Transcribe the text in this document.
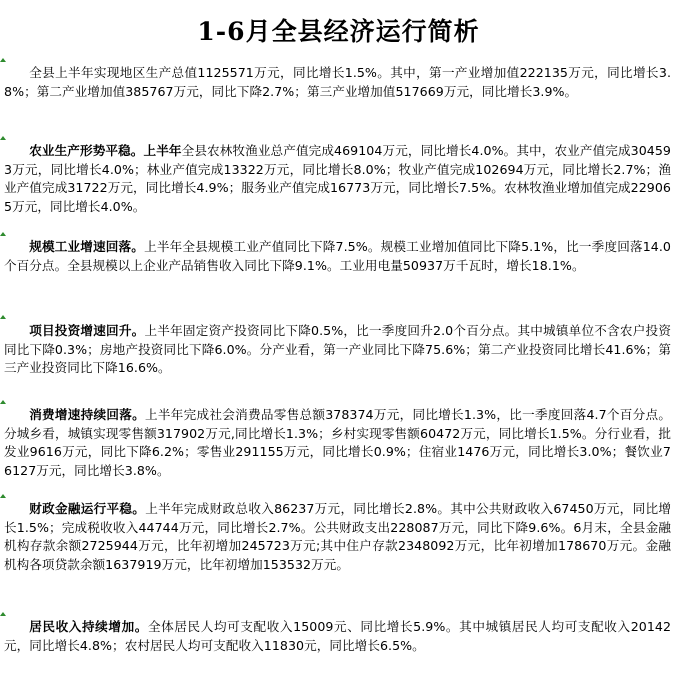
1-6月全县经济运行简析

全县上半年实现地区生产总值1125571万元，同比增长1.5%。其中，第一产业增加值222135万元，同比增长3.8%；第二产业增加值385767万元，同比下降2.7%；第三产业增加值517669万元，同比增长3.9%。

农业生产形势平稳。上半年全县农林牧渔业总产值完成469104万元，同比增长4.0%。其中，农业产值完成304593万元，同比增长4.0%；林业产值完成13322万元，同比增长8.0%；牧业产值完成102694万元，同比增长2.7%；渔业产值完成31722万元，同比增长4.9%；服务业产值完成16773万元，同比增长7.5%。农林牧渔业增加值完成229065万元，同比增长4.0%。

规模工业增速回落。上半年全县规模工业产值同比下降7.5%。规模工业增加值同比下降5.1%，比一季度回落14.0个百分点。全县规模以上企业产品销售收入同比下降9.1%。工业用电量50937万千瓦时，增长18.1%。

项目投资增速回升。上半年固定资产投资同比下降0.5%，比一季度回升2.0个百分点。其中城镇单位不含农户投资同比下降0.3%；房地产投资同比下降6.0%。分产业看，第一产业同比下降75.6%；第二产业投资同比增长41.6%；第三产业投资同比下降16.6%。

消费增速持续回落。上半年完成社会消费品零售总额378374万元，同比增长1.3%，比一季度回落4.7个百分点。分城乡看，城镇实现零售额317902万元,同比增长1.3%；乡村实现零售额60472万元，同比增长1.5%。分行业看，批发业9616万元，同比下降6.2%；零售业291155万元，同比增长0.9%；住宿业1476万元，同比增长3.0%；餐饮业76127万元，同比增长3.8%。

财政金融运行平稳。上半年完成财政总收入86237万元，同比增长2.8%。其中公共财政收入67450万元，同比增长1.5%；完成税收收入44744万元，同比增长2.7%。公共财政支出228087万元，同比下降9.6%。6月末，全县金融机构存款余额2725944万元，比年初增加245723万元;其中住户存款2348092万元，比年初增加178670万元。金融机构各项贷款余额1637919万元，比年初增加153532万元。

居民收入持续增加。全体居民人均可支配收入15009元、同比增长5.9%。其中城镇居民人均可支配收入20142元，同比增长4.8%；农村居民人均可支配收入11830元，同比增长6.5%。
